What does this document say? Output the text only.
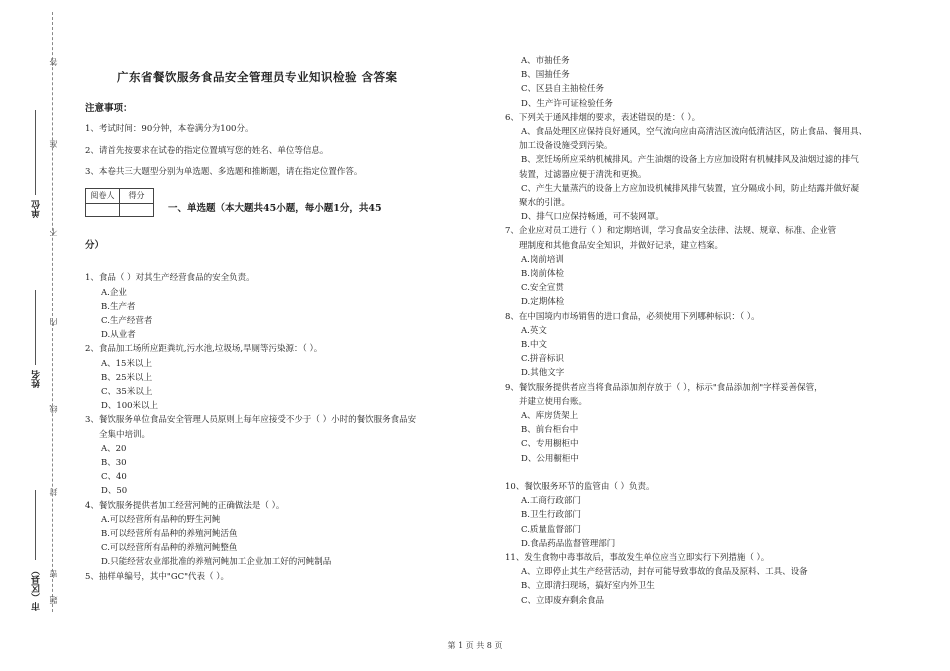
答
准
不
内
线
封
密
单位
姓名
市（区县） 题

广东省餐饮服务食品安全管理员专业知识检验 含答案

注意事项：

1、考试时间：90分钟，本卷满分为100分。

2、请首先按要求在试卷的指定位置填写您的姓名、单位等信息。

3、本卷共三大题型分别为单选题、多选题和推断题，请在指定位置作答。

阅卷人	得分

一、单选题（本大题共45小题，每小题1分，共45

分）

1、食品（ ）对其生产经营食品的安全负责。

A.企业

B.生产者

C.生产经营者

D.从业者

2、食品加工场所应距粪坑,污水池,垃圾场,旱厕等污染源：（ ）。

A、15米以上

B、25米以上

C、35米以上

D、100米以上

3、餐饮服务单位食品安全管理人员原则上每年应接受不少于（ ）小时的餐饮服务食品安

全集中培训。

A、20

B、30

C、40

D、50

4、餐饮服务提供者加工经营河鲀的正确做法是（ ）。

A.可以经营所有品种的野生河鲀

B.可以经营所有品种的养殖河鲀活鱼

C.可以经营所有品种的养殖河鲀整鱼

D.只能经营农业部批准的养殖河鲀加工企业加工好的河鲀制品

5、抽样单编号，其中"GC"代表（ ）。

A、市抽任务

B、国抽任务

C、区县自主抽检任务

D、生产许可证检验任务

6、下列关于通风排烟的要求，表述错误的是：（ ）。

A、食品处理区应保持良好通风，空气流向应由高清洁区流向低清洁区，防止食品、餐用具、

加工设备设施受到污染。

B、烹饪场所应采纳机械排风。产生油烟的设备上方应加设附有机械排风及油烟过滤的排气

装置，过滤器应便于清洗和更换。

C、产生大量蒸汽的设备上方应加设机械排风排气装置，宜分隔成小间，防止结露并做好凝

聚水的引泄。

D、排气口应保持畅通，可不装网罩。

7、企业应对员工进行（ ）和定期培训，学习食品安全法律、法规、规章、标准、企业管

理制度和其他食品安全知识，并做好记录，建立档案。

A.岗前培训

B.岗前体检

C.安全宣贯

D.定期体检

8、在中国境内市场销售的进口食品，必须使用下列哪种标识：（ ）。

A.英文

B.中文

C.拼音标识

D.其他文字

9、餐饮服务提供者应当将食品添加剂存放于（ ），标示"食品添加剂"字样妥善保管，

并建立使用台账。

A、库房货架上

B、前台柜台中

C、专用橱柜中

D、公用橱柜中

10、餐饮服务环节的监管由（ ）负责。

A.工商行政部门

B.卫生行政部门

C.质量监督部门

D.食品药品监督管理部门

11、发生食物中毒事故后，事故发生单位应当立即实行下列措施（ ）。

A、立即停止其生产经营活动，封存可能导致事故的食品及原料、工具、设备

B、立即清扫现场，搞好室内外卫生

C、立即废弃剩余食品

第 1 页 共 8 页
